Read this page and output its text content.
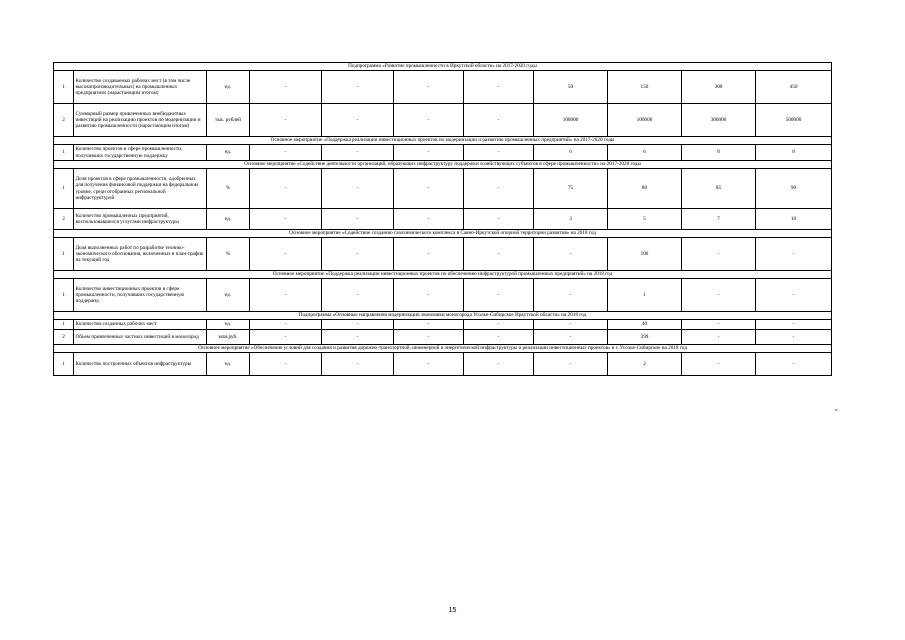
Подпрограмма «Развитие промышленности в Иркутской области» на 2017-2020 годы										
1	Количество создаваемых рабочих мест (в том числе высокопроизводительных) на промышленных предприятиях (нарастающим итогом)	ед.	-	-	-	-	50	150	300	450
2	Суммарный размер привлеченных внебюджетных инвестиций на реализацию проектов по модернизации и развитию промышленности (нарастающим итогом)	тыс. рублей	-	-	-	-	100000	100000	300000	500000
Основное мероприятие «Поддержка реализации инвестиционных проектов по модернизации и развитию промышленных предприятий» на 2017-2020 годы										
1	Количество проектов в сфере промышленности, получивших государственную поддержку	ед.	-	-	-	-	6	6	8	8
Основное мероприятие «Содействие деятельности организаций, образующих инфраструктуру поддержки хозяйствующих субъектов в сфере промышленности» на 2017-2020 годы										
1	Доля проектов в сфере промышленности, одобренных для получения финансовой поддержки на федеральном уровне, среди отобранных региональной инфраструктурой	%	-	-	-	-	75	80	85	90
2	Количество промышленных предприятий, воспользовавшихся услугами инфраструктуры	ед.	-	-	-	-	3	5	7	10
Основное мероприятие «Содействие созданию газохимического комплекса в Саяно-Иркутской опорной территории развития» на 2018 год										
1	Доля выполненных работ по разработке технико-экономического обоснования, включенных в план-график на текущий год	%	-	-	-	-	-	100	-	-
Основное мероприятие «Поддержка реализации инвестиционных проектов по обеспечению инфраструктурой промышленных предприятий» на 2018 год										
1	Количество инвестиционных проектов в сфере промышленности, получивших государственную поддержку	ед.	-	-	-	-	-	1	-	-
Подпрограмма «Основные направления модернизации экономики моногорода Усолье-Сибирское Иркутской области» на 2018 год										
1	Количество созданных рабочих мест	ед.	-	-	-	-	-	40	-	-
2	Объем привлеченных частных инвестиций в моногород	млн.руб.	-	-	-	-	-	399	-	-
Основное мероприятие «Обеспечение условий для создания и развития дорожно-транспортной, инженерной и энергетической инфраструктуры и реализации инвестиционных проектов» в г. Усолье-Сибирское на 2018 год										
1	Количество построенных объектов инфраструктуры	ед.	-	-	-	-	-	2	-	-
».
15
